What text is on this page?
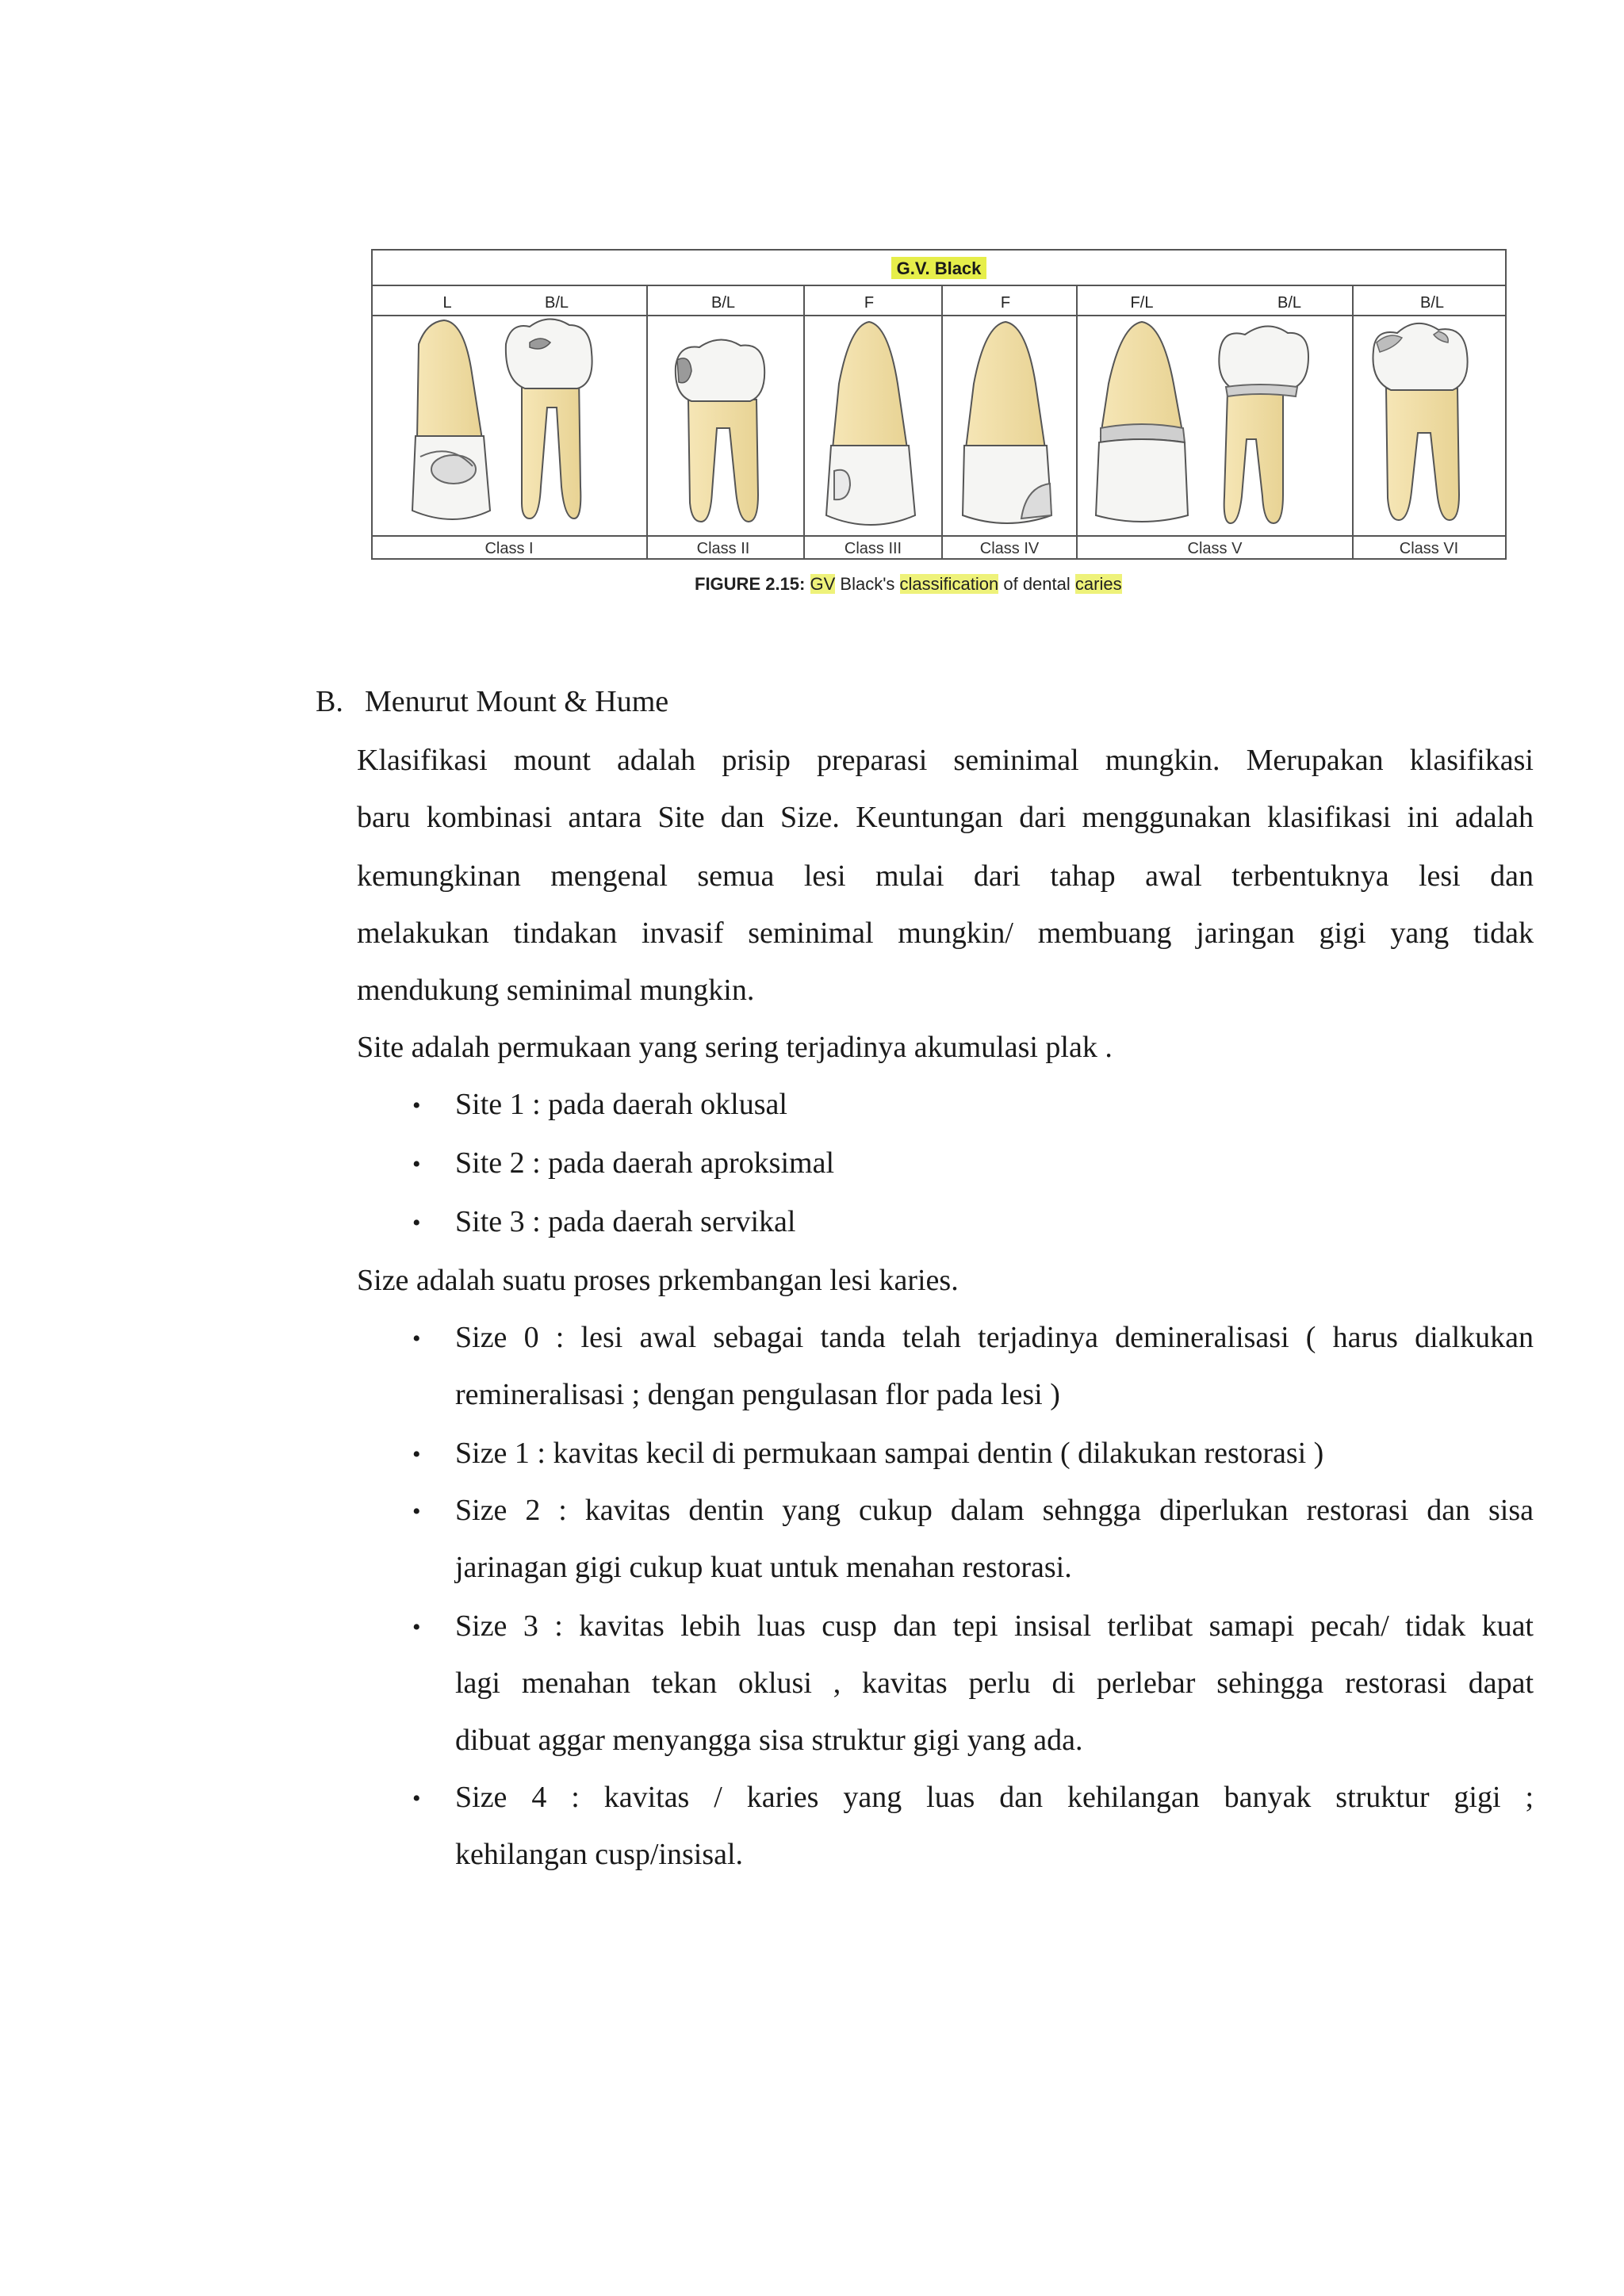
G.V. Black
L	B/L	B/L	F	F	F/L	B/L	B/L
Class I	Class II	Class III	Class IV	Class V	Class VI
FIGURE 2.15: GV Black's classification of dental caries
B. Menurut Mount & Hume
Klasifikasi mount adalah prisip preparasi seminimal mungkin. Merupakan klasifikasi
baru kombinasi antara Site dan Size. Keuntungan dari menggunakan klasifikasi ini adalah
kemungkinan mengenal semua lesi mulai dari tahap awal terbentuknya lesi dan
melakukan tindakan invasif seminimal mungkin/ membuang jaringan gigi yang tidak
mendukung seminimal mungkin.
Site adalah permukaan yang sering terjadinya akumulasi plak .
• Site 1 : pada daerah oklusal
• Site 2 : pada daerah aproksimal
• Site 3 : pada daerah servikal
Size adalah suatu proses prkembangan lesi karies.
• Size 0 : lesi awal sebagai tanda telah terjadinya demineralisasi ( harus dialkukan
remineralisasi ; dengan pengulasan flor pada lesi )
• Size 1 : kavitas kecil di permukaan sampai dentin ( dilakukan restorasi )
• Size 2 : kavitas dentin yang cukup dalam sehngga diperlukan restorasi dan sisa
jarinagan gigi cukup kuat untuk menahan restorasi.
• Size 3 : kavitas lebih luas cusp dan tepi insisal terlibat samapi pecah/ tidak kuat
lagi menahan tekan oklusi , kavitas perlu di perlebar sehingga restorasi dapat
dibuat aggar menyangga sisa struktur gigi yang ada.
• Size 4 : kavitas / karies yang luas dan kehilangan banyak struktur gigi ;
kehilangan cusp/insisal.
